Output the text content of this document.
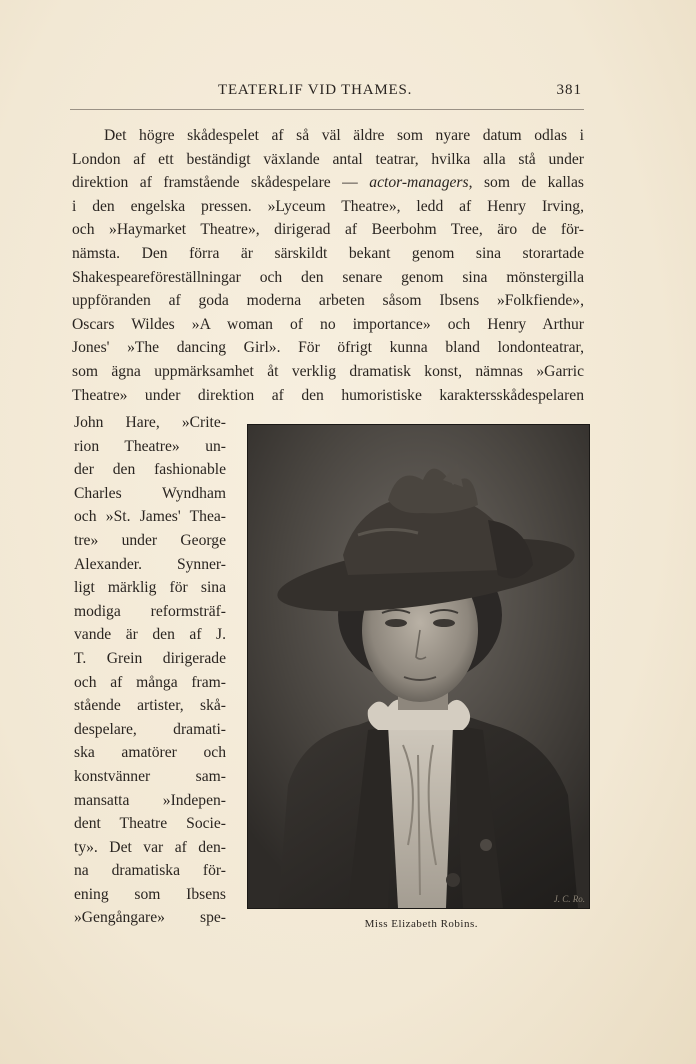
TEATERLIF VID THAMES.	381
Det högre skådespelet af så väl äldre som nyare datum odlas i
London af ett beständigt växlande antal teatrar, hvilka alla stå under
direktion af framstående skådespelare — actor-managers, som de kallas
i den engelska pressen. »Lyceum Theatre», ledd af Henry Irving,
och »Haymarket Theatre», dirigerad af Beerbohm Tree, äro de för-
nämsta. Den förra är särskildt bekant genom sina storartade
Shakespeareföreställningar och den senare genom sina mönstergilla
uppföranden af goda moderna arbeten såsom Ibsens »Folkfiende»,
Oscars Wildes »A woman of no importance» och Henry Arthur
Jones' »The dancing Girl». För öfrigt kunna bland londonteatrar,
som ägna uppmärksamhet åt verklig dramatisk konst, nämnas »Garric
Theatre» under direktion af den humoristiske karaktersskådespelaren
John Hare, »Crite-
rion Theatre» un-
der den fashionable
Charles Wyndham
och »St. James' Thea-
tre» under George
Alexander. Synner-
ligt märklig för sina
modiga reformsträf-
vande är den af J.
T. Grein dirigerade
och af många fram-
stående artister, skå-
despelare, dramati-
ska amatörer och
konstvänner sam-
mansatta »Indepen-
dent Theatre Socie-
ty». Det var af den-
na dramatiska för-
ening som Ibsens
»Gengångare» spe-
J. C. Ro.
Miss Elizabeth Robins.
